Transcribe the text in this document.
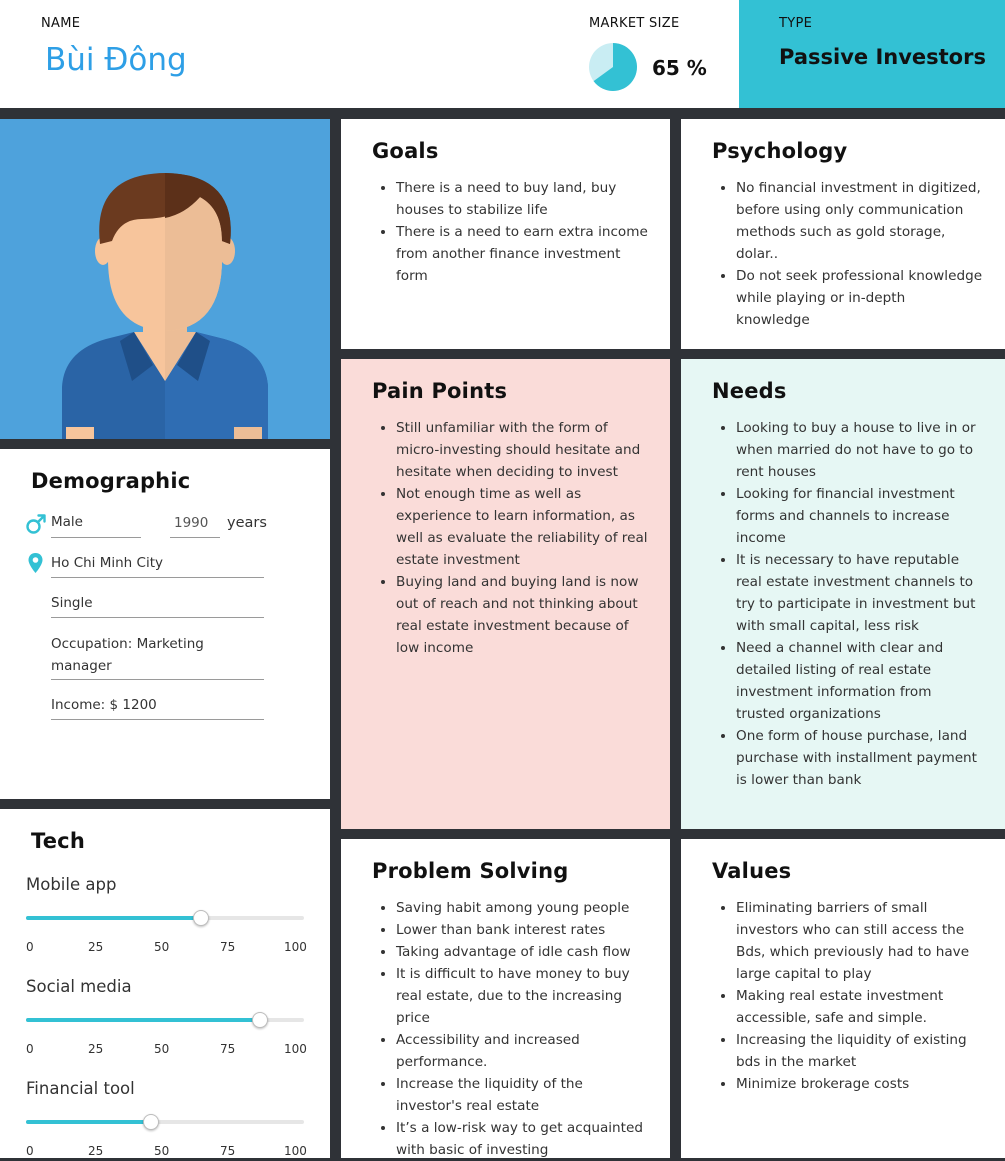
NAME
Bùi Đông
MARKET SIZE
65 %
TYPE
Passive Investors
Goals
• There is a need to buy land, buy houses to stabilize life
• There is a need to earn extra income from another finance investment form
Psychology
• No financial investment in digitized, before using only communication methods such as gold storage, dolar..
• Do not seek professional knowledge while playing or in-depth knowledge
Pain Points
• Still unfamiliar with the form of micro-investing should hesitate and hesitate when deciding to invest
• Not enough time as well as experience to learn information, as well as evaluate the reliability of real estate investment
• Buying land and buying land is now out of reach and not thinking about real estate investment because of low income
Needs
• Looking to buy a house to live in or when married do not have to go to rent houses
• Looking for financial investment forms and channels to increase income
• It is necessary to have reputable real estate investment channels to try to participate in investment but with small capital, less risk
• Need a channel with clear and detailed listing of real estate investment information from trusted organizations
• One form of house purchase, land purchase with installment payment is lower than bank
Problem Solving
• Saving habit among young people
• Lower than bank interest rates
• Taking advantage of idle cash flow
• It is difficult to have money to buy real estate, due to the increasing price
• Accessibility and increased performance.
• Increase the liquidity of the investor's real estate
• It’s a low-risk way to get acquainted with basic of investing
Values
• Eliminating barriers of small investors who can still access the Bds, which previously had to have large capital to play
• Making real estate investment accessible, safe and simple.
• Increasing the liquidity of existing bds in the market
• Minimize brokerage costs
Demographic
Male	1990 years
Ho Chi Minh City
Single
Occupation: Marketing manager
Income: $ 1200
Tech
Mobile app
0	25	50	75	100
Social media
0	25	50	75	100
Financial tool
0	25	50	75	100
